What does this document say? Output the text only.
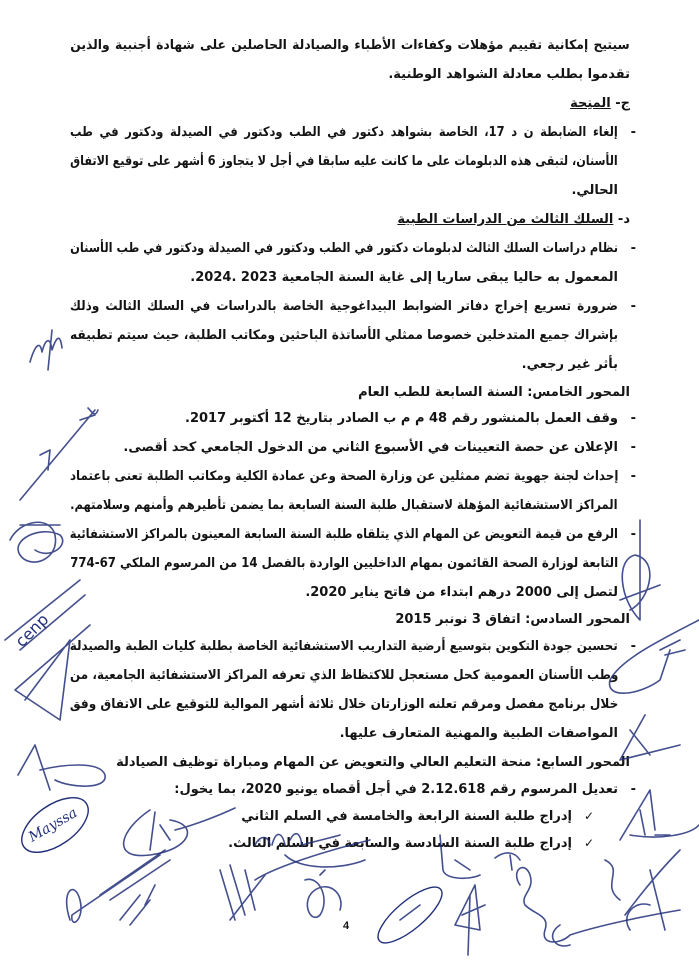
سيتيح إمكانية تقييم مؤهلات وكفاءات الأطباء والصيادلة الحاصلين على شهادة أجنبية والذين
تقدموا بطلب معادلة الشواهد الوطنية.
ج- المنِحة
-
إلغاء الضابطة ن د 17، الخاصة بشواهد دكتور في الطب ودكتور في الصيدلة ودكتور في طب
الأسنان، لتبقى هذه الدبلومات على ما كانت عليه سابقا في أجل لا يتجاوز 6 أشهر على توقيع الاتفاق
الحالي.
د- السلك الثالث من الدراسات الطبية
-
نظام دراسات السلك الثالث لدبلومات دكتور في الطب ودكتور في الصيدلة ودكتور في طب الأسنان
المعمول به حاليا يبقى ساريا إلى غاية السنة الجامعية 2023 .2024.
-
ضرورة تسريع إخراج دفاتر الضوابط البيداغوجية الخاصة بالدراسات في السلك الثالث وذلك
بإشراك جميع المتدخلين خصوصا ممثلي الأساتذة الباحثين ومكاتب الطلبة، حيث سيتم تطبيقه
بأثر غير رجعي.
المحور الخامس: السنة السابعة للطب العام
-
وقف العمل بالمنشور رقم 48 م م ب الصادر بتاريخ 12 أكتوبر 2017.
-
الإعلان عن حصة التعيينات في الأسبوع الثاني من الدخول الجامعي كحد أقصى.
-
إحداث لجنة جهوية تضم ممثلين عن وزارة الصحة وعن عمادة الكلية ومكاتب الطلبة تعنى باعتماد
المراكز الاستشفائية المؤهلة لاستقبال طلبة السنة السابعة بما يضمن تأطيرهم وأمنهم وسلامتهم.
-
الرفع من قيمة التعويض عن المهام الذي يتلقاه طلبة السنة السابعة المعينون بالمراكز الاستشفائية
التابعة لوزارة الصحة القائمون بمهام الداخليين الواردة بالفصل 14 من المرسوم الملكي 67-774
لتصل إلى 2000 درهم ابتداء من فاتح يناير 2020.
المحور السادس: اتفاق 3 نونبر 2015
-
تحسين جودة التكوين بتوسيع أرضية التداريب الاستشفائية الخاصة بطلبة كليات الطبة والصيدلة
وطب الأسنان العمومية كحل مستعجل للاكتظاظ الذي تعرفه المراكز الاستشفائية الجامعية، من
خلال برنامج مفصل ومرقم تعلنه الوزارتان خلال ثلاثة أشهر الموالية للتوقيع على الاتفاق وفق
المواصفات الطبية والمهنية المتعارف عليها.
المحور السابع: منحة التعليم العالي والتعويض عن المهام ومباراة توظيف الصيادلة
-
تعديل المرسوم رقم 2.12.618 في أجل أقصاه يونيو 2020، بما يخول:
✓
إدراج طلبة السنة الرابعة والخامسة في السلم الثاني
✓
إدراج طلبة السنة السادسة والسابعة في السلم الثالث.
4
cenp
Mayssa
